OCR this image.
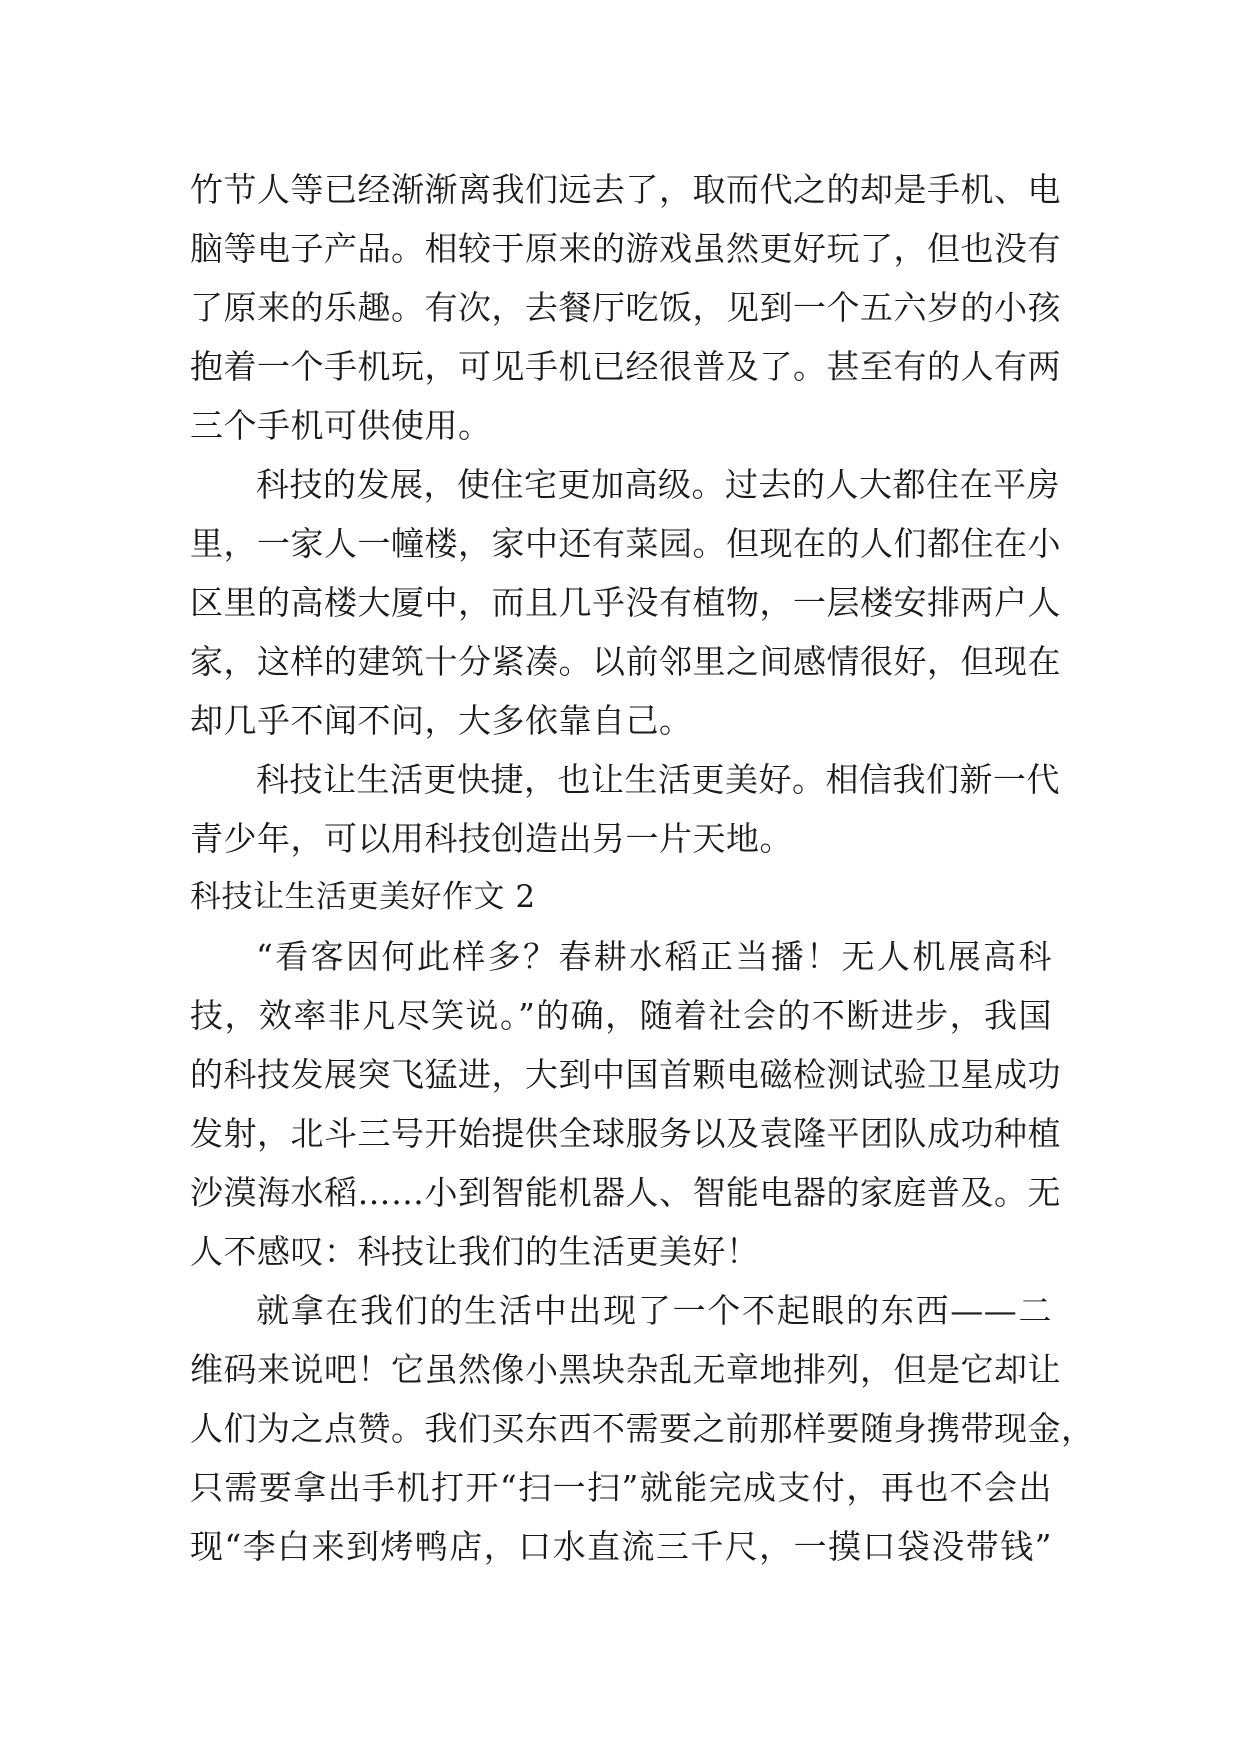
竹节人等已经渐渐离我们远去了，取而代之的却是手机、电
脑等电子产品。相较于原来的游戏虽然更好玩了，但也没有
了原来的乐趣。有次，去餐厅吃饭，见到一个五六岁的小孩
抱着一个手机玩，可见手机已经很普及了。甚至有的人有两
三个手机可供使用。
科技的发展，使住宅更加高级。过去的人大都住在平房
里，一家人一幢楼，家中还有菜园。但现在的人们都住在小
区里的高楼大厦中，而且几乎没有植物，一层楼安排两户人
家，这样的建筑十分紧凑。以前邻里之间感情很好，但现在
却几乎不闻不问，大多依靠自己。
科技让生活更快捷，也让生活更美好。相信我们新一代
青少年，可以用科技创造出另一片天地。
科技让生活更美好作文 2
“看客因何此样多？春耕水稻正当播！无人机展高科
技，效率非凡尽笑说。”的确，随着社会的不断进步，我国
的科技发展突飞猛进，大到中国首颗电磁检测试验卫星成功
发射，北斗三号开始提供全球服务以及袁隆平团队成功种植
沙漠海水稻……小到智能机器人、智能电器的家庭普及。无
人不感叹：科技让我们的生活更美好！
就拿在我们的生活中出现了一个不起眼的东西——二
维码来说吧！它虽然像小黑块杂乱无章地排列，但是它却让
人们为之点赞。我们买东西不需要之前那样要随身携带现金，
只需要拿出手机打开“扫一扫”就能完成支付，再也不会出
现“李白来到烤鸭店，口水直流三千尺，一摸口袋没带钱”
